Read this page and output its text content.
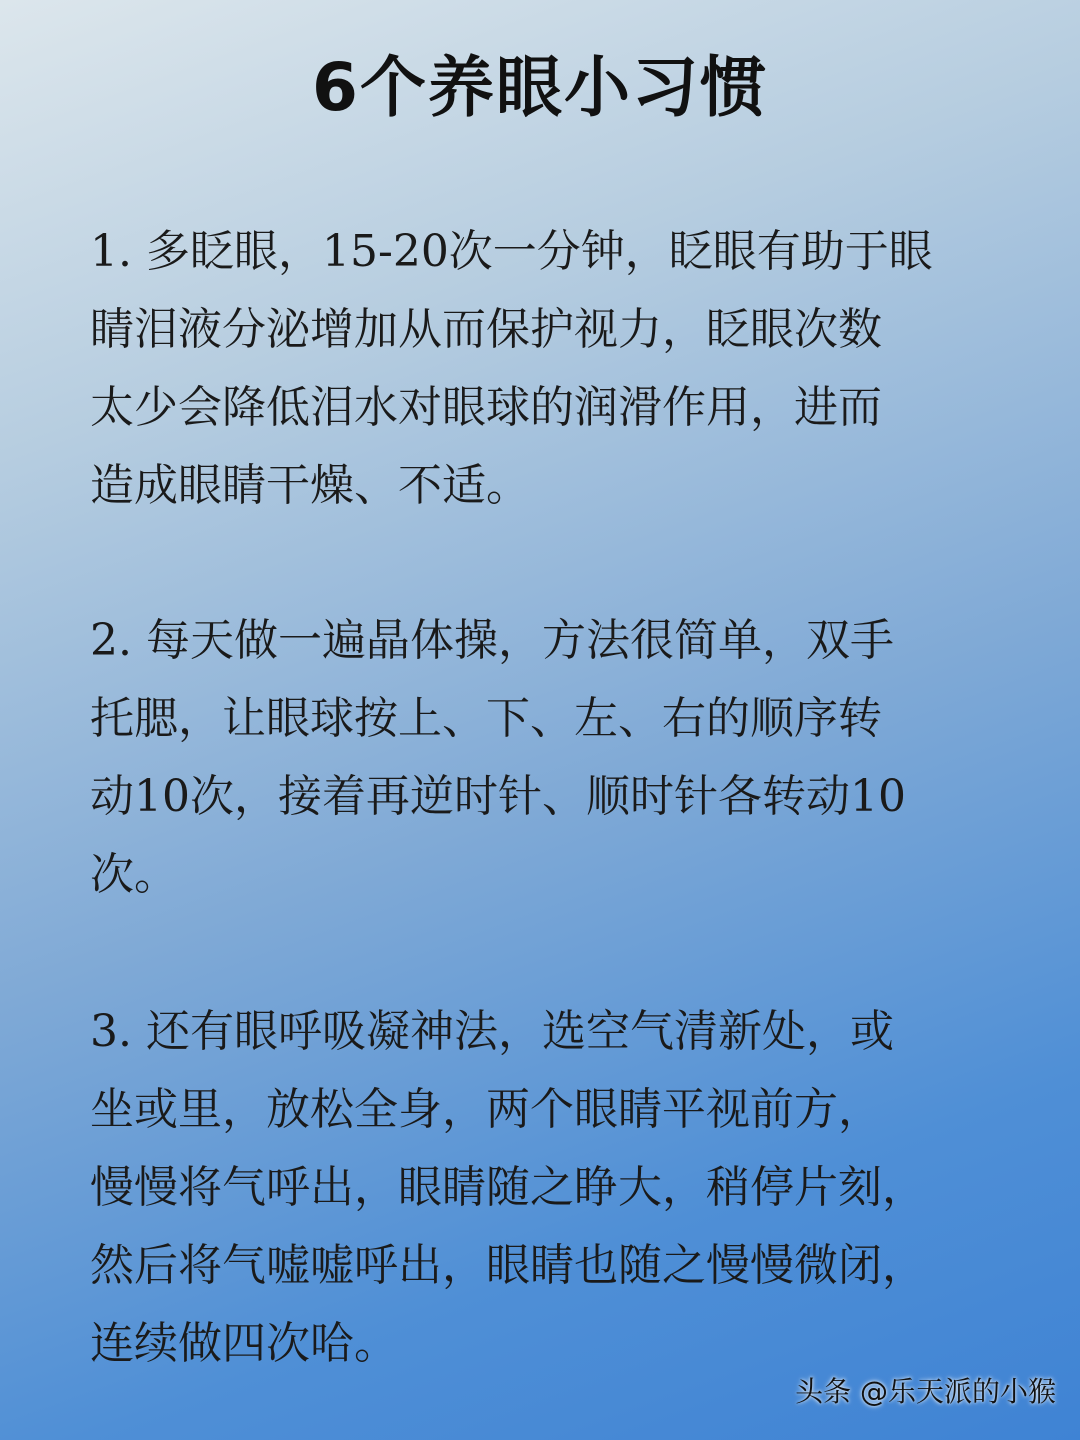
6个养眼小习惯
1. 多眨眼，15-20次一分钟，眨眼有助于眼
睛泪液分泌增加从而保护视力，眨眼次数
太少会降低泪水对眼球的润滑作用，进而
造成眼睛干燥、不适。
2. 每天做一遍晶体操，方法很简单，双手
托腮，让眼球按上、下、左、右的顺序转
动10次，接着再逆时针、顺时针各转动10
次。
3. 还有眼呼吸凝神法，选空气清新处，或
坐或里，放松全身，两个眼睛平视前方，
慢慢将气呼出，眼睛随之睁大，稍停片刻，
然后将气嘘嘘呼出，眼睛也随之慢慢微闭，
连续做四次哈。
头条 @乐天派的小猴
